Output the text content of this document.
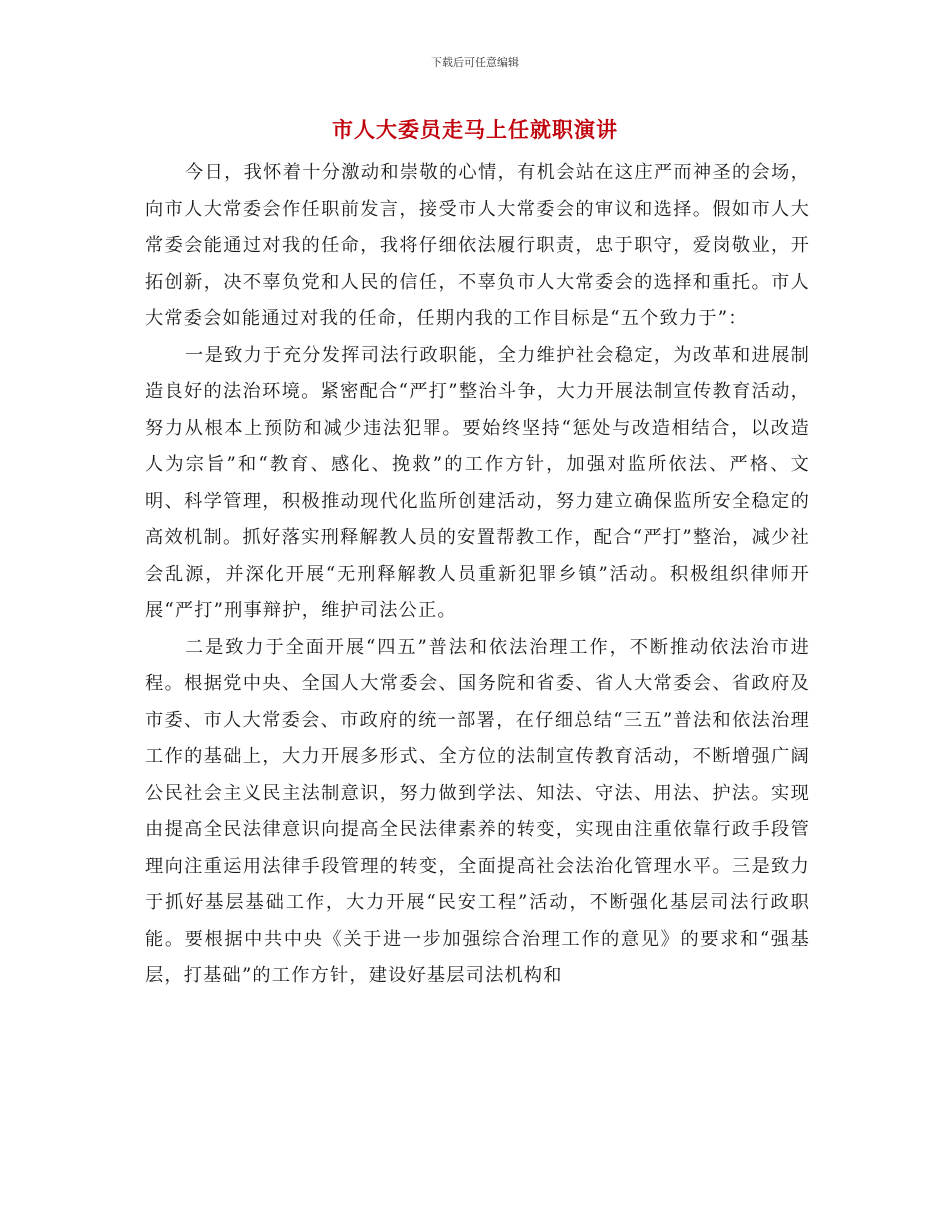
下载后可任意编辑
市人大委员走马上任就职演讲

今日，我怀着十分激动和崇敬的心情，有机会站在这庄严而神圣的会场，向市人大常委会作任职前发言，接受市人大常委会的审议和选择。假如市人大常委会能通过对我的任命，我将仔细依法履行职责，忠于职守，爱岗敬业，开拓创新，决不辜负党和人民的信任，不辜负市人大常委会的选择和重托。市人大常委会如能通过对我的任命，任期内我的工作目标是“五个致力于”：

一是致力于充分发挥司法行政职能，全力维护社会稳定，为改革和进展制造良好的法治环境。紧密配合“严打”整治斗争，大力开展法制宣传教育活动，努力从根本上预防和减少违法犯罪。要始终坚持“惩处与改造相结合，以改造人为宗旨”和“教育、感化、挽救”的工作方针，加强对监所依法、严格、文明、科学管理，积极推动现代化监所创建活动，努力建立确保监所安全稳定的高效机制。抓好落实刑释解教人员的安置帮教工作，配合“严打”整治，减少社会乱源，并深化开展“无刑释解教人员重新犯罪乡镇”活动。积极组织律师开展“严打”刑事辩护，维护司法公正。

二是致力于全面开展“四五”普法和依法治理工作，不断推动依法治市进程。根据党中央、全国人大常委会、国务院和省委、省人大常委会、省政府及市委、市人大常委会、市政府的统一部署，在仔细总结“三五”普法和依法治理工作的基础上，大力开展多形式、全方位的法制宣传教育活动，不断增强广阔公民社会主义民主法制意识，努力做到学法、知法、守法、用法、护法。实现由提高全民法律意识向提高全民法律素养的转变，实现由注重依靠行政手段管理向注重运用法律手段管理的转变，全面提高社会法治化管理水平。三是致力于抓好基层基础工作，大力开展“民安工程”活动，不断强化基层司法行政职能。要根据中共中央《关于进一步加强综合治理工作的意见》的要求和“强基层，打基础”的工作方针，建设好基层司法机构和
